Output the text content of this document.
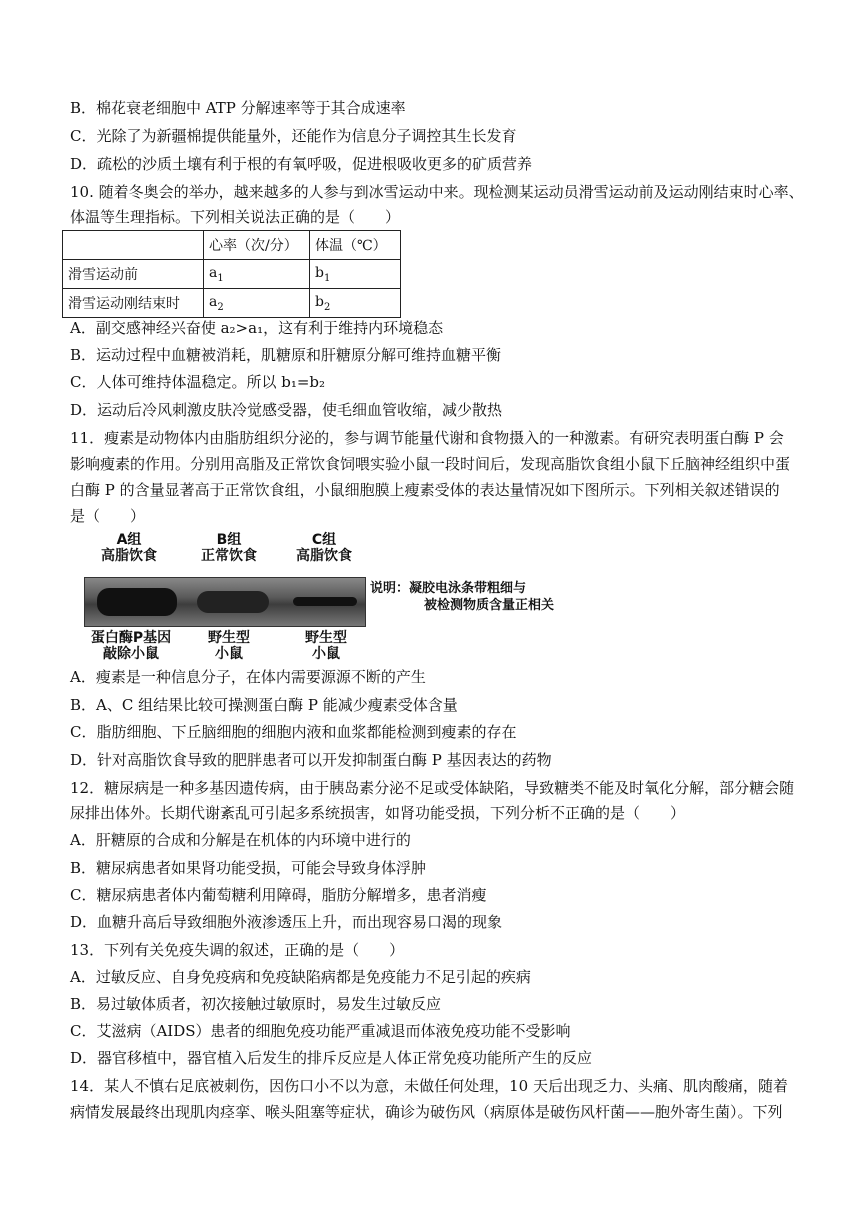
B．棉花衰老细胞中 ATP 分解速率等于其合成速率
C．光除了为新疆棉提供能量外，还能作为信息分子调控其生长发育
D．疏松的沙质土壤有利于根的有氧呼吸，促进根吸收更多的矿质营养
10. 随着冬奥会的举办，越来越多的人参与到冰雪运动中来。现检测某运动员滑雪运动前及运动刚结束时心率、
体温等生理指标。下列相关说法正确的是（　　）
	心率（次/分）	体温（℃）
滑雪运动前	$a_1$	$b_1$
滑雪运动刚结束时	$a_2$	$b_2$
A．副交感神经兴奋使 a₂>a₁，这有利于维持内环境稳态
B．运动过程中血糖被消耗，肌糖原和肝糖原分解可维持血糖平衡
C．人体可维持体温稳定。所以 b₁=b₂
D．运动后冷风刺激皮肤冷觉感受器，使毛细血管收缩，减少散热
11．瘦素是动物体内由脂肪组织分泌的，参与调节能量代谢和食物摄入的一种激素。有研究表明蛋白酶 P 会
影响瘦素的作用。分别用高脂及正常饮食饲喂实验小鼠一段时间后，发现高脂饮食组小鼠下丘脑神经组织中蛋
白酶 P 的含量显著高于正常饮食组，小鼠细胞膜上瘦素受体的表达量情况如下图所示。下列相关叙述错误的
是（　　）
A组
高脂饮食
B组
正常饮食
C组
高脂饮食
说明：凝胶电泳条带粗细与
被检测物质含量正相关
蛋白酶P基因
敲除小鼠
野生型
小鼠
野生型
小鼠
A．瘦素是一种信息分子，在体内需要源源不断的产生
B．A、C 组结果比较可操测蛋白酶 P 能减少瘦素受体含量
C．脂肪细胞、下丘脑细胞的细胞内液和血浆都能检测到瘦素的存在
D．针对高脂饮食导致的肥胖患者可以开发抑制蛋白酶 P 基因表达的药物
12．糖尿病是一种多基因遗传病，由于胰岛素分泌不足或受体缺陷，导致糖类不能及时氧化分解，部分糖会随
尿排出体外。长期代谢紊乱可引起多系统损害，如肾功能受损，下列分析不正确的是（　　）
A．肝糖原的合成和分解是在机体的内环境中进行的
B．糖尿病患者如果肾功能受损，可能会导致身体浮肿
C．糖尿病患者体内葡萄糖利用障碍，脂肪分解增多，患者消瘦
D．血糖升高后导致细胞外液渗透压上升，而出现容易口渴的现象
13．下列有关免疫失调的叙述，正确的是（　　）
A．过敏反应、自身免疫病和免疫缺陷病都是免疫能力不足引起的疾病
B．易过敏体质者，初次接触过敏原时，易发生过敏反应
C．艾滋病（AIDS）患者的细胞免疫功能严重减退而体液免疫功能不受影响
D．器官移植中，器官植入后发生的排斥反应是人体正常免疫功能所产生的反应
14．某人不慎右足底被刺伤，因伤口小不以为意，未做任何处理，10 天后出现乏力、头痛、肌肉酸痛，随着
病情发展最终出现肌肉痉挛、喉头阻塞等症状，确诊为破伤风（病原体是破伤风杆菌——胞外寄生菌）。下列
